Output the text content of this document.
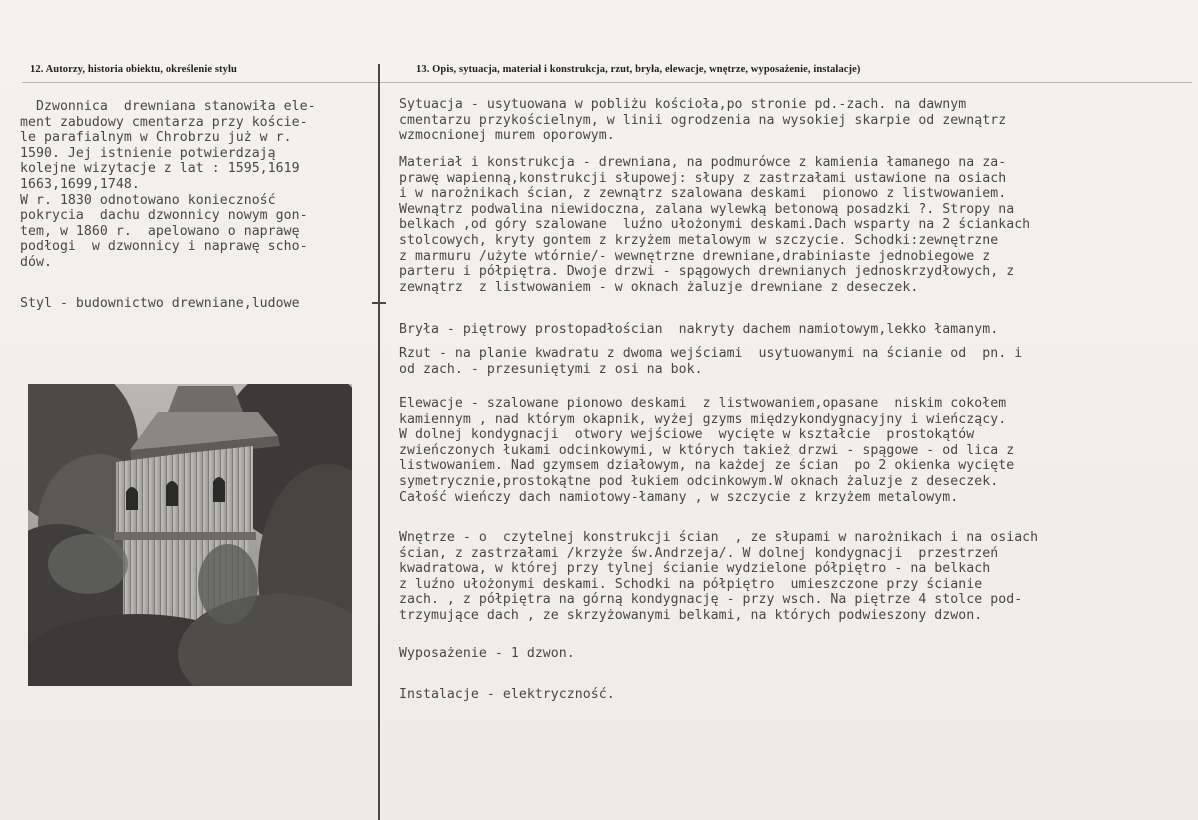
12. Autorzy, historia obiektu, określenie stylu	13. Opis, sytuacja, materiał i konstrukcja, rzut, bryła, elewacje, wnętrze, wyposażenie, instalacje)
Dzwonnica  drewniana stanowiła ele-
ment zabudowy cmentarza przy koście-
le parafialnym w Chrobrzu już w r.
1590. Jej istnienie potwierdzają
kolejne wizytacje z lat : 1595,1619
1663,1699,1748.
W r. 1830 odnotowano konieczność
pokrycia  dachu dzwonnicy nowym gon-
tem, w 1860 r.  apelowano o naprawę
podłogi  w dzwonnicy i naprawę scho-
dów.
Styl - budownictwo drewniane,ludowe
Sytuacja - usytuowana w pobliżu kościoła,po stronie pd.-zach. na dawnym
cmentarzu przykościelnym, w linii ogrodzenia na wysokiej skarpie od zewnątrz
wzmocnionej murem oporowym.
Materiał i konstrukcja - drewniana, na podmurówce z kamienia łamanego na za-
prawę wapienną,konstrukcji słupowej: słupy z zastrzałami ustawione na osiach
i w narożnikach ścian, z zewnątrz szalowana deskami  pionowo z listwowaniem.
Wewnątrz podwalina niewidoczna, zalana wylewką betonową posadzki ?. Stropy na
belkach ,od góry szalowane  luźno ułożonymi deskami.Dach wsparty na 2 ściankach
stolcowych, kryty gontem z krzyżem metalowym w szczycie. Schodki:zewnętrzne
z marmuru /użyte wtórnie/- wewnętrzne drewniane,drabiniaste jednobiegowe z
parteru i półpiętra. Dwoje drzwi - spągowych drewnianych jednoskrzydłowych, z
zewnątrz  z listwowaniem - w oknach żaluzje drewniane z deseczek.
Bryła - piętrowy prostopadłościan  nakryty dachem namiotowym,lekko łamanym.
Rzut - na planie kwadratu z dwoma wejściami  usytuowanymi na ścianie od  pn. i
od zach. - przesuniętymi z osi na bok.
Elewacje - szalowane pionowo deskami  z listwowaniem,opasane  niskim cokołem
kamiennym , nad którym okapnik, wyżej gzyms międzykondygnacyjny i wieńczący.
W dolnej kondygnacji  otwory wejściowe  wycięte w kształcie  prostokątów
zwieńczonych łukami odcinkowymi, w których takież drzwi - spągowe - od lica z
listwowaniem. Nad gzymsem działowym, na każdej ze ścian  po 2 okienka wycięte
symetrycznie,prostokątne pod łukiem odcinkowym.W oknach żaluzje z deseczek.
Całość wieńczy dach namiotowy-łamany , w szczycie z krzyżem metalowym.
Wnętrze - o  czytelnej konstrukcji ścian  , ze słupami w narożnikach i na osiach
ścian, z zastrzałami /krzyże św.Andrzeja/. W dolnej kondygnacji  przestrzeń
kwadratowa, w której przy tylnej ścianie wydzielone półpiętro - na belkach
z luźno ułożonymi deskami. Schodki na półpiętro  umieszczone przy ścianie
zach. , z półpiętra na górną kondygnację - przy wsch. Na piętrze 4 stolce pod-
trzymujące dach , ze skrzyżowanymi belkami, na których podwieszony dzwon.
Wyposażenie - 1 dzwon.
Instalacje - elektryczność.
